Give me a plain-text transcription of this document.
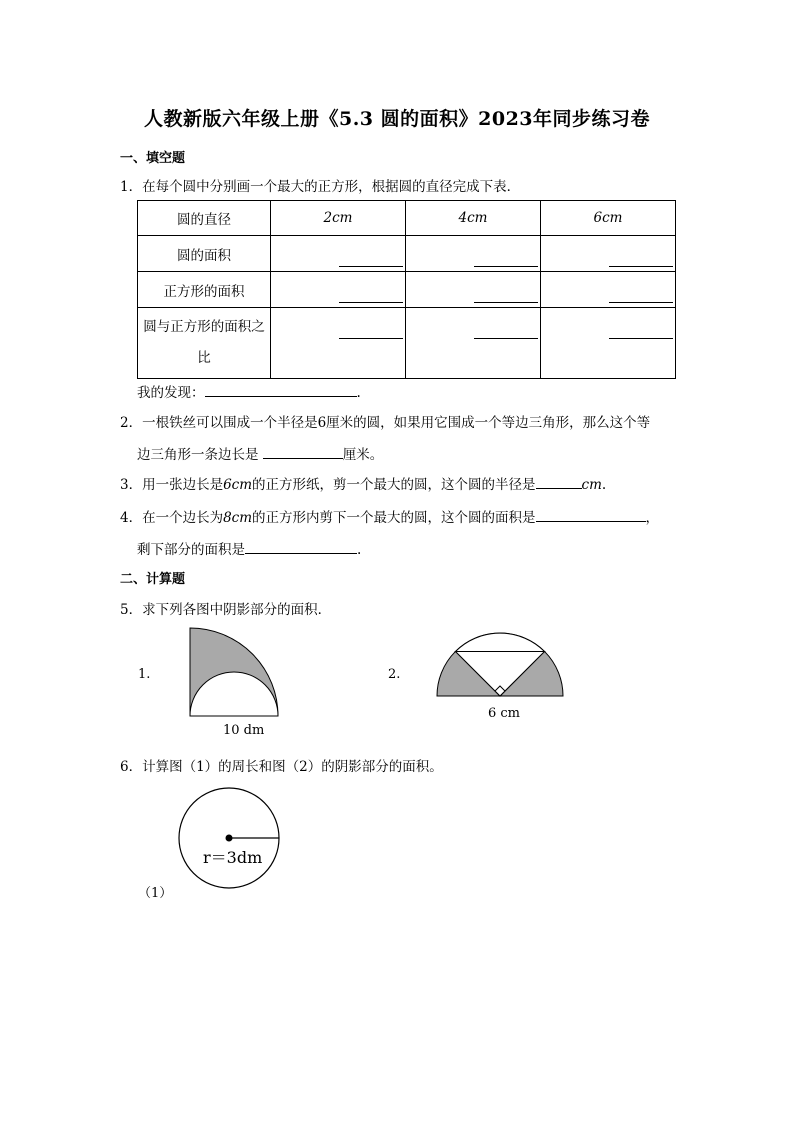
人教新版六年级上册《5.3 圆的面积》2023年同步练习卷
一、填空题
1．在每个圆中分别画一个最大的正方形，根据圆的直径完成下表．
圆的直径	2cm	4cm	6cm
圆的面积			
正方形的面积			
圆与正方形的面积之比			
我的发现：	.
2．一根铁丝可以围成一个半径是6厘米的圆，如果用它围成一个等边三角形，那么这个等
边三角形一条边长是	厘米。
3．用一张边长是6cm的正方形纸，剪一个最大的圆，这个圆的半径是	cm.
4．在一个边长为8cm的正方形内剪下一个最大的圆，这个圆的面积是	，
剩下部分的面积是	.
二、计算题
5．求下列各图中阴影部分的面积．
1.
10 dm
2.
6 cm
6．计算图（1）的周长和图（2）的阴影部分的面积。
r＝3dm
（1）
